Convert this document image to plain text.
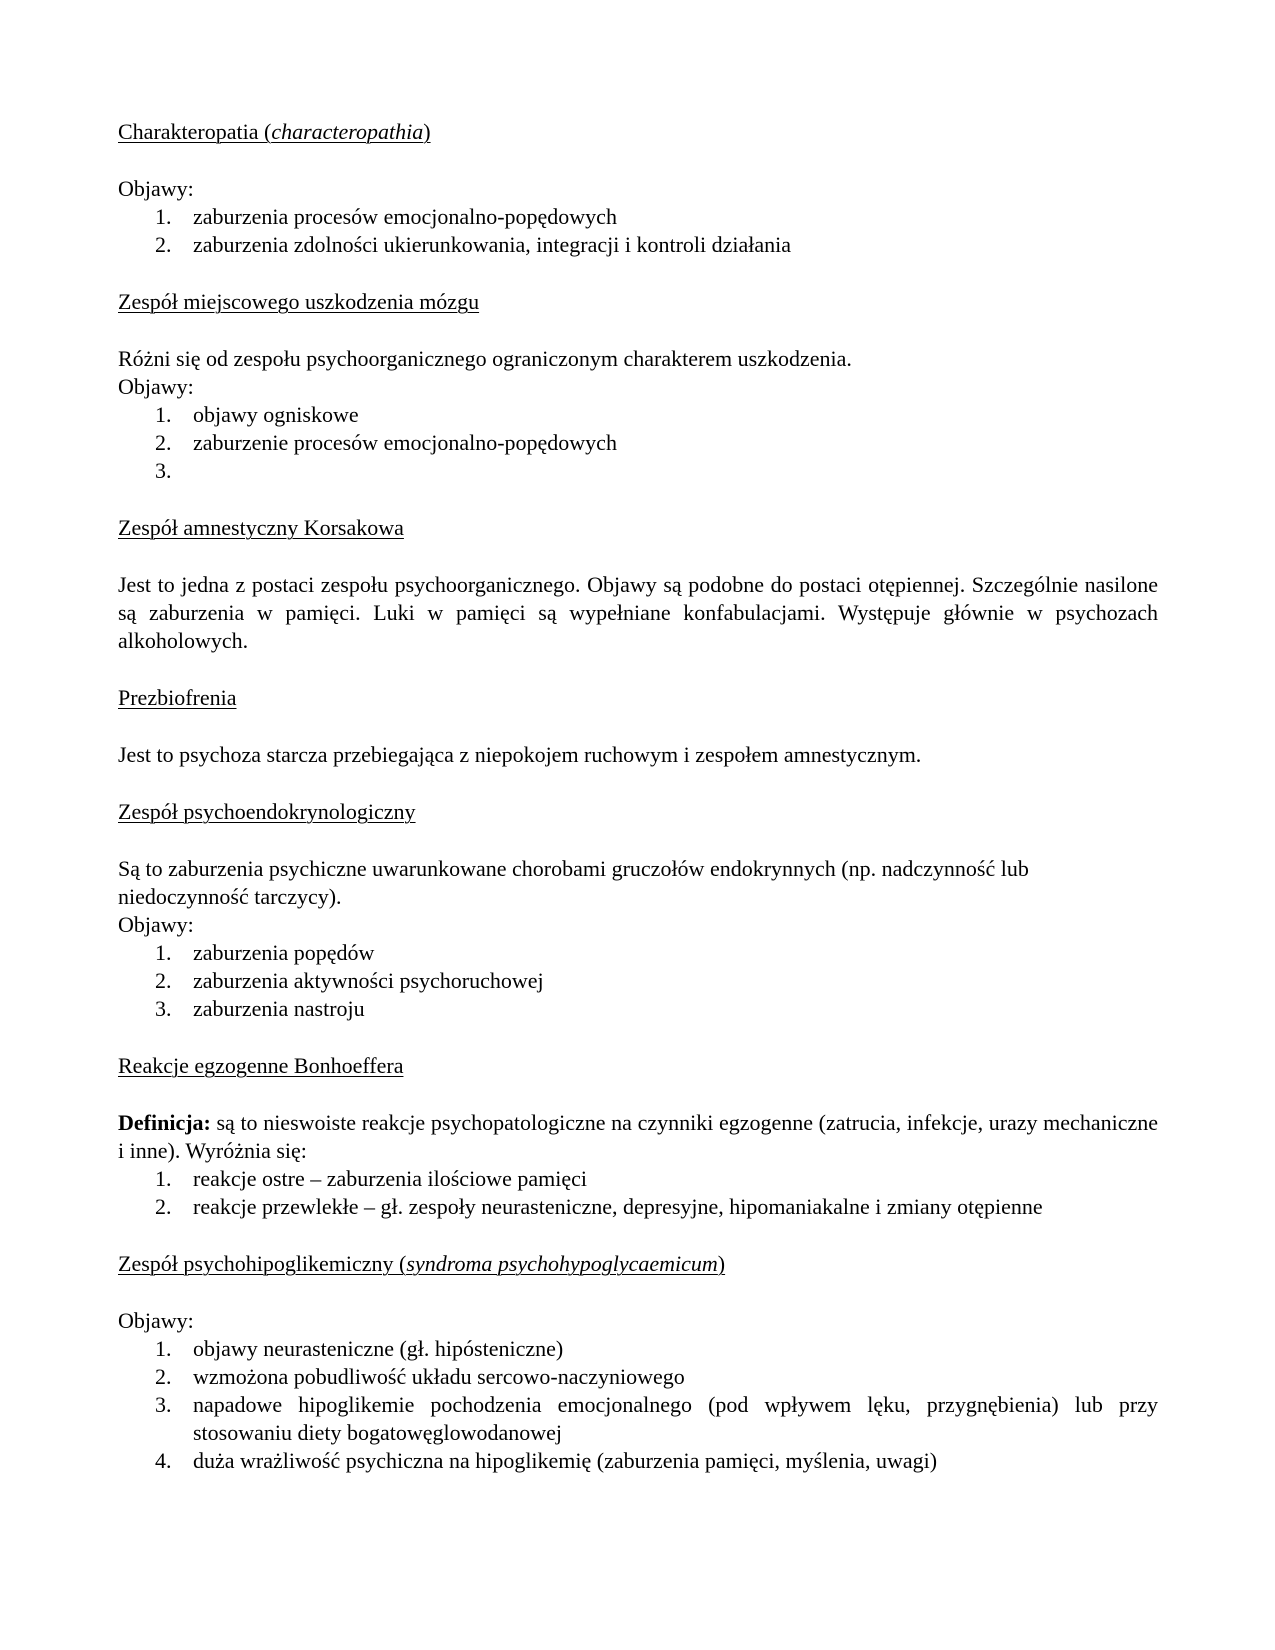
Charakteropatia (characteropathia)

Objawy:

1. zaburzenia procesów emocjonalno-popędowych
2. zaburzenia zdolności ukierunkowania, integracji i kontroli działania
Zespół miejscowego uszkodzenia mózgu

Różni się od zespołu psychoorganicznego ograniczonym charakterem uszkodzenia.

Objawy:

1. objawy ogniskowe
2. zaburzenie procesów emocjonalno-popędowych
3.

Zespół amnestyczny Korsakowa

Jest to jedna z postaci zespołu psychoorganicznego. Objawy są podobne do postaci otępiennej. Szczególnie nasilone są zaburzenia w pamięci. Luki w pamięci są wypełniane konfabulacjami. Występuje głównie w psychozach alkoholowych.

Prezbiofrenia

Jest to psychoza starcza przebiegająca z niepokojem ruchowym i zespołem amnestycznym.

Zespół psychoendokrynologiczny

Są to zaburzenia psychiczne uwarunkowane chorobami gruczołów endokrynnych (np. nadczynność lub niedoczynność tarczycy).

Objawy:

1. zaburzenia popędów
2. zaburzenia aktywności psychoruchowej
3. zaburzenia nastroju
Reakcje egzogenne Bonhoeffera

Definicja: są to nieswoiste reakcje psychopatologiczne na czynniki egzogenne (zatrucia, infekcje, urazy mechaniczne i inne). Wyróżnia się:

1. reakcje ostre – zaburzenia ilościowe pamięci
2. reakcje przewlekłe – gł. zespoły neurasteniczne, depresyjne, hipomaniakalne i zmiany otępienne
Zespół psychohipoglikemiczny (syndroma psychohypoglycaemicum)

Objawy:

1. objawy neurasteniczne (gł. hipósteniczne)
2. wzmożona pobudliwość układu sercowo-naczyniowego
3. napadowe hipoglikemie pochodzenia emocjonalnego (pod wpływem lęku, przygnębienia) lub przy stosowaniu diety bogatowęglowodanowej
4. duża wrażliwość psychiczna na hipoglikemię (zaburzenia pamięci, myślenia, uwagi)
